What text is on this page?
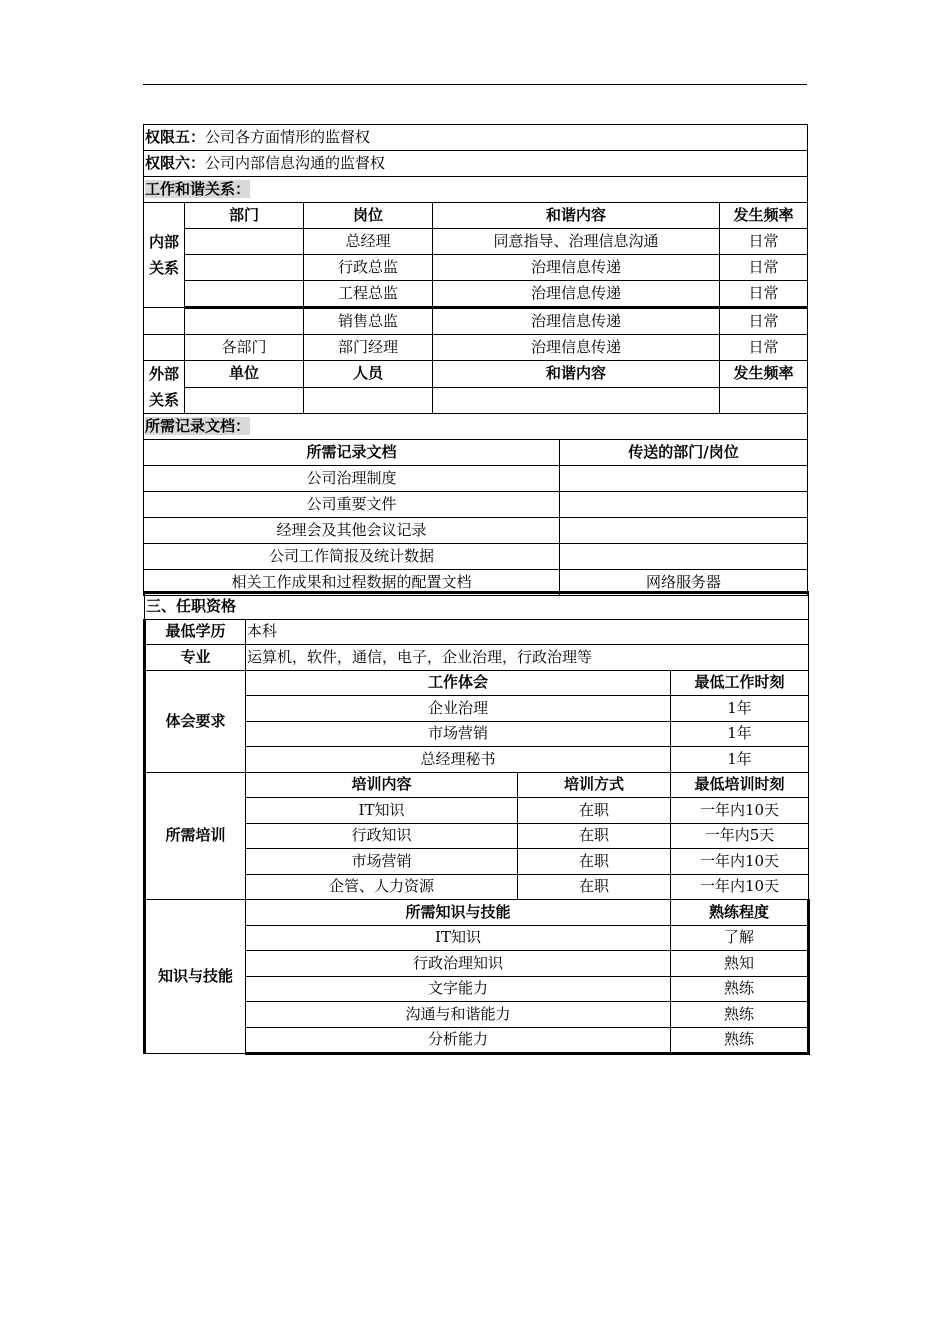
权限五：公司各方面情形的监督权					
权限六：公司内部信息沟通的监督权					
工作和谐关系：					
内部
关系	部门	岗位	和谐内容		发生频率
		总经理	同意指导、治理信息沟通		日常
		行政总监	治理信息传递		日常
		工程总监	治理信息传递		日常
		销售总监	治理信息传递		日常
	各部门	部门经理	治理信息传递		日常
外部
关系	单位	人员	和谐内容		发生频率

所需记录文档：					
所需记录文档				传送的部门/岗位	
公司治理制度					
公司重要文件					
经理会及其他会议记录					
公司工作简报及统计数据					
相关工作成果和过程数据的配置文档				网络服务器	
三、任职资格			
最低学历	本科		
专业	运算机，软件，通信，电子，企业治理，行政治理等		
体会要求	工作体会		最低工作时刻
	企业治理		1年
	市场营销		1年
	总经理秘书		1年
所需培训	培训内容	培训方式	最低培训时刻
	IT知识	在职	一年内10天
	行政知识	在职	一年内5天
	市场营销	在职	一年内10天
	企管、人力资源	在职	一年内10天
知识与技能	所需知识与技能		熟练程度
	IT知识		了解
	行政治理知识		熟知
	文字能力		熟练
	沟通与和谐能力		熟练
	分析能力		熟练
